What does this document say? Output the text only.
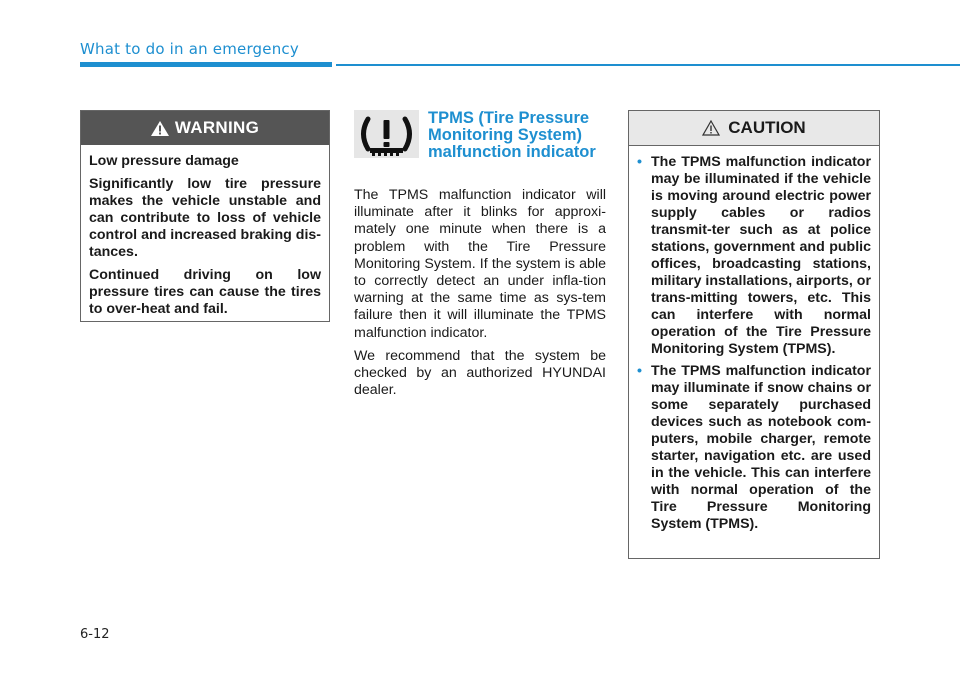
What to do in an emergency
WARNING

Low pressure damage

Significantly low tire pressure makes the vehicle unstable and can contribute to loss of vehicle control and increased braking dis-tances.

Continued driving on low pressure tires can cause the tires to over-heat and fail.

TPMS (Tire Pressure Monitoring System) malfunction indicator

The TPMS malfunction indicator will illuminate after it blinks for approxi-mately one minute when there is a problem with the Tire Pressure Monitoring System. If the system is able to correctly detect an under infla-tion warning at the same time as sys-tem failure then it will illuminate the TPMS malfunction indicator.

We recommend that the system be checked by an authorized HYUNDAI dealer.

CAUTION
• The TPMS malfunction indicator may be illuminated if the vehicle is moving around electric power supply cables or radios transmit-ter such as at police stations, government and public offices, broadcasting stations, military installations, airports, or trans-mitting towers, etc. This can interfere with normal operation of the Tire Pressure Monitoring System (TPMS).
• The TPMS malfunction indicator may illuminate if snow chains or some separately purchased devices such as notebook com-puters, mobile charger, remote starter, navigation etc. are used in the vehicle. This can interfere with normal operation of the Tire Pressure Monitoring System (TPMS).
6-12
